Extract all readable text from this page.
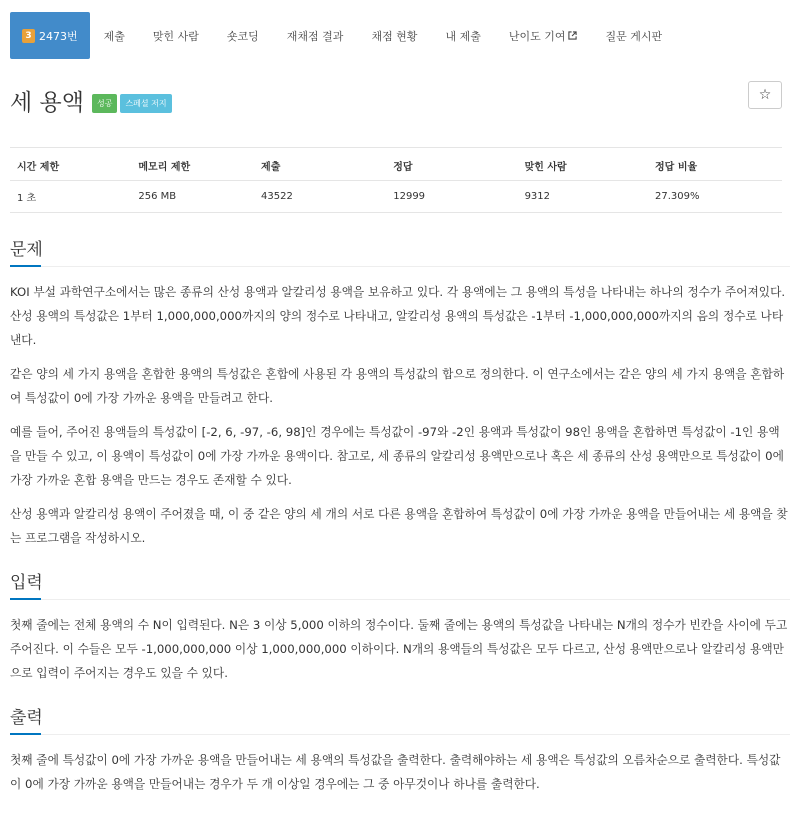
3 2473번 제출	맞힌 사람	숏코딩	재채점 결과	채점 현황	내 제출	난이도 기여	질문 게시판
세 용액	성공	스페셜 저지	☆
시간 제한	메모리 제한	제출	정답	맞힌 사람	정답 비율
1 초	256 MB	43522	12999	9312	27.309%
문제

KOI 부설 과학연구소에서는 많은 종류의 산성 용액과 알칼리성 용액을 보유하고 있다. 각 용액에는 그 용액의 특성을 나타내는 하나의 정수가 주어져있다. 산성 용액의 특성값은 1부터 1,000,000,000까지의 양의 정수로 나타내고, 알칼리성 용액의 특성값은 -1부터 -1,000,000,000까지의 음의 정수로 나타낸다.

같은 양의 세 가지 용액을 혼합한 용액의 특성값은 혼합에 사용된 각 용액의 특성값의 합으로 정의한다. 이 연구소에서는 같은 양의 세 가지 용액을 혼합하여 특성값이 0에 가장 가까운 용액을 만들려고 한다.

예를 들어, 주어진 용액들의 특성값이 [-2, 6, -97, -6, 98]인 경우에는 특성값이 -97와 -2인 용액과 특성값이 98인 용액을 혼합하면 특성값이 -1인 용액을 만들 수 있고, 이 용액이 특성값이 0에 가장 가까운 용액이다. 참고로, 세 종류의 알칼리성 용액만으로나 혹은 세 종류의 산성 용액만으로 특성값이 0에 가장 가까운 혼합 용액을 만드는 경우도 존재할 수 있다.

산성 용액과 알칼리성 용액이 주어졌을 때, 이 중 같은 양의 세 개의 서로 다른 용액을 혼합하여 특성값이 0에 가장 가까운 용액을 만들어내는 세 용액을 찾는 프로그램을 작성하시오.

입력

첫째 줄에는 전체 용액의 수 N이 입력된다. N은 3 이상 5,000 이하의 정수이다. 둘째 줄에는 용액의 특성값을 나타내는 N개의 정수가 빈칸을 사이에 두고 주어진다. 이 수들은 모두 -1,000,000,000 이상 1,000,000,000 이하이다. N개의 용액들의 특성값은 모두 다르고, 산성 용액만으로나 알칼리성 용액만으로 입력이 주어지는 경우도 있을 수 있다.

출력

첫째 줄에 특성값이 0에 가장 가까운 용액을 만들어내는 세 용액의 특성값을 출력한다. 출력해야하는 세 용액은 특성값의 오름차순으로 출력한다. 특성값이 0에 가장 가까운 용액을 만들어내는 경우가 두 개 이상일 경우에는 그 중 아무것이나 하나를 출력한다.
